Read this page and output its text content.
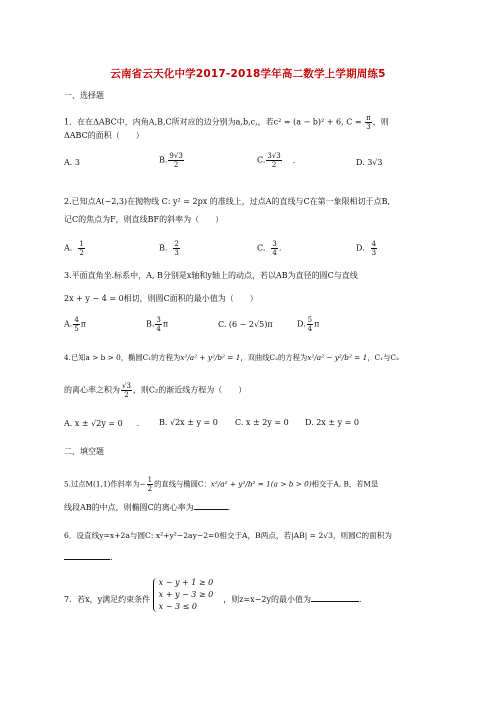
云南省云天化中学2017-2018学年高二数学上学期周练5
一、选择题
1．在在ΔABC中，内角A,B,C所对应的边分别为a,b,c,，若c² = (a − b)² + 6, $C = \frac{\pi}{3}$ ，则
ΔABC的面积（　　）
A. 3	B. $\frac{9√3}{2}$	C. $\frac{3√3}{2}$ ．	D. 3√3
2.已知点A(−2,3)在抛物线 C: y² = 2px 的准线上，过点A的直线与C在第一象限相切于点B,
记C的焦点为F，则直线BF的斜率为（　　）
A. $\frac{1}{2}$	B. $\frac{2}{3}$	C. $\frac{3}{4}$ .	D. $\frac{4}{3}$
3.平面直角坐.标系中，A, B分别是x轴和y轴上的动点，若以AB为直径的圆C与直线
2x + y − 4 = 0相切，则圆C面积的最小值为（　　）
A. $\frac{4}{5}$ π	B. $\frac{3}{4}$ π	C. (6 − 2√5)π	D. $\frac{5}{4}$ π
4.已知a > b > 0，椭圆C₁的方程为x²/a² + y²/b² = 1，双曲线C₂的方程为x²/a² − y²/b² = 1，C₁与C₂
的离心率之积为 $\frac{√3}{2}$ ，则C₂的渐近线方程为（　　）
A. x ± √2y = 0 ． B. √2x ± y = 0 C. x ± 2y = 0 D. 2x ± y = 0
二、填空题
5.过点M(1,1)作斜率为− $\frac{1}{2}$ 的直线与椭圆C：x²/a² + y²/b² = 1(a > b > 0)相交于A, B，若M是
线段AB的中点，则椭圆C的离心率为	．
6．设直线y=x+2a与圆C: x²+y²−2ay−2=0相交于A，B两点，若|AB| = 2√3，则圆C的面积为
．
7．若x，y满足约束条件
x − y + 1 ≥ 0
x + y − 3 ≥ 0
x − 3 ≤ 0
，则z=x−2y的最小值为	．
